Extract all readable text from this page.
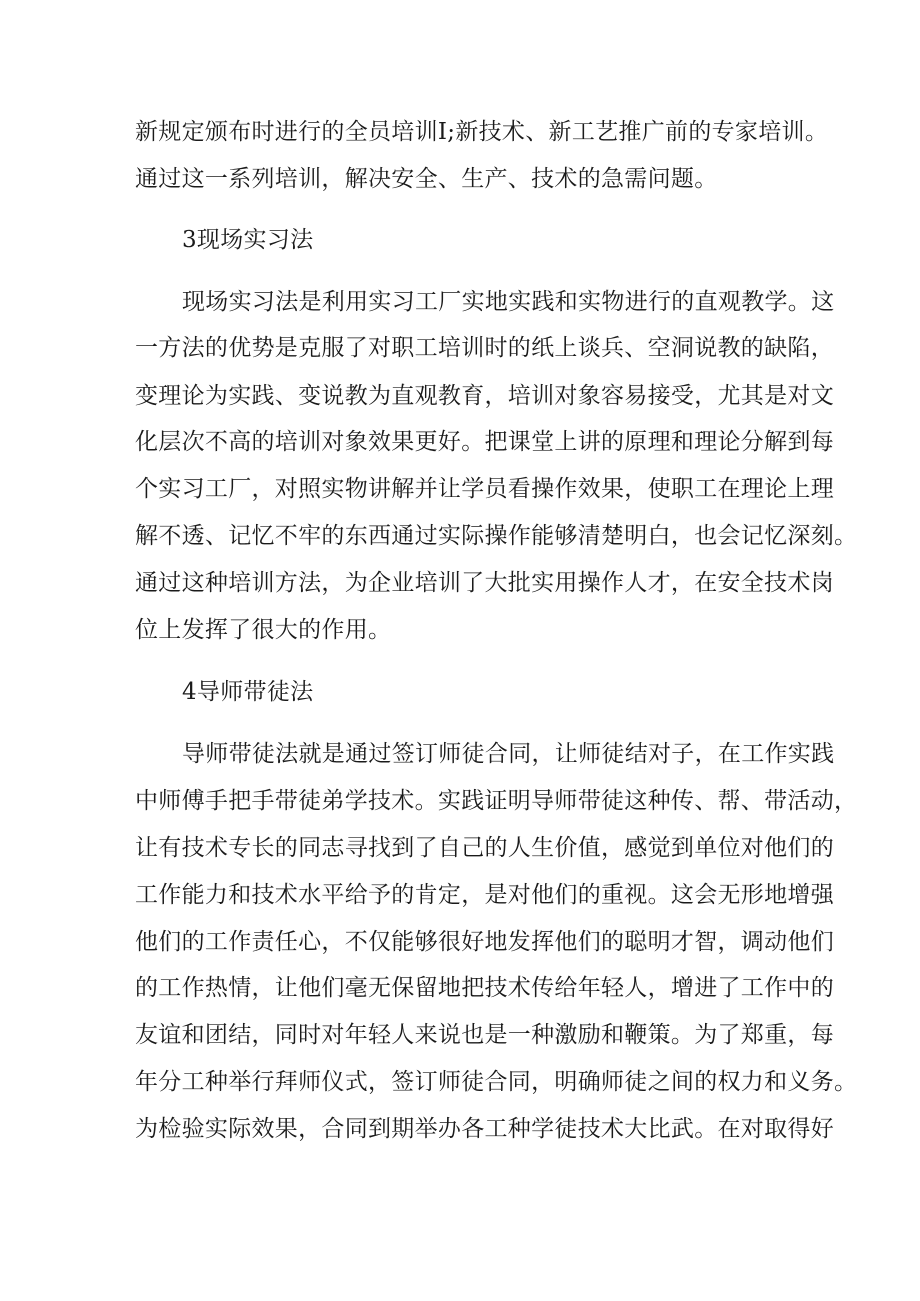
新规定颁布时进行的全员培训Ⅰ;新技术、新工艺推广前的专家培训。
通过这一系列培训，解决安全、生产、技术的急需问题。
3现场实习法
现场实习法是利用实习工厂实地实践和实物进行的直观教学。这
一方法的优势是克服了对职工培训时的纸上谈兵、空洞说教的缺陷，
变理论为实践、变说教为直观教育，培训对象容易接受，尤其是对文
化层次不高的培训对象效果更好。把课堂上讲的原理和理论分解到每
个实习工厂，对照实物讲解并让学员看操作效果，使职工在理论上理
解不透、记忆不牢的东西通过实际操作能够清楚明白，也会记忆深刻。
通过这种培训方法，为企业培训了大批实用操作人才，在安全技术岗
位上发挥了很大的作用。
4导师带徒法
导师带徒法就是通过签订师徒合同，让师徒结对子，在工作实践
中师傅手把手带徒弟学技术。实践证明导师带徒这种传、帮、带活动，
让有技术专长的同志寻找到了自己的人生价值，感觉到单位对他们的
工作能力和技术水平给予的肯定，是对他们的重视。这会无形地增强
他们的工作责任心，不仅能够很好地发挥他们的聪明才智，调动他们
的工作热情，让他们毫无保留地把技术传给年轻人，增进了工作中的
友谊和团结，同时对年轻人来说也是一种激励和鞭策。为了郑重，每
年分工种举行拜师仪式，签订师徒合同，明确师徒之间的权力和义务。
为检验实际效果，合同到期举办各工种学徒技术大比武。在对取得好
